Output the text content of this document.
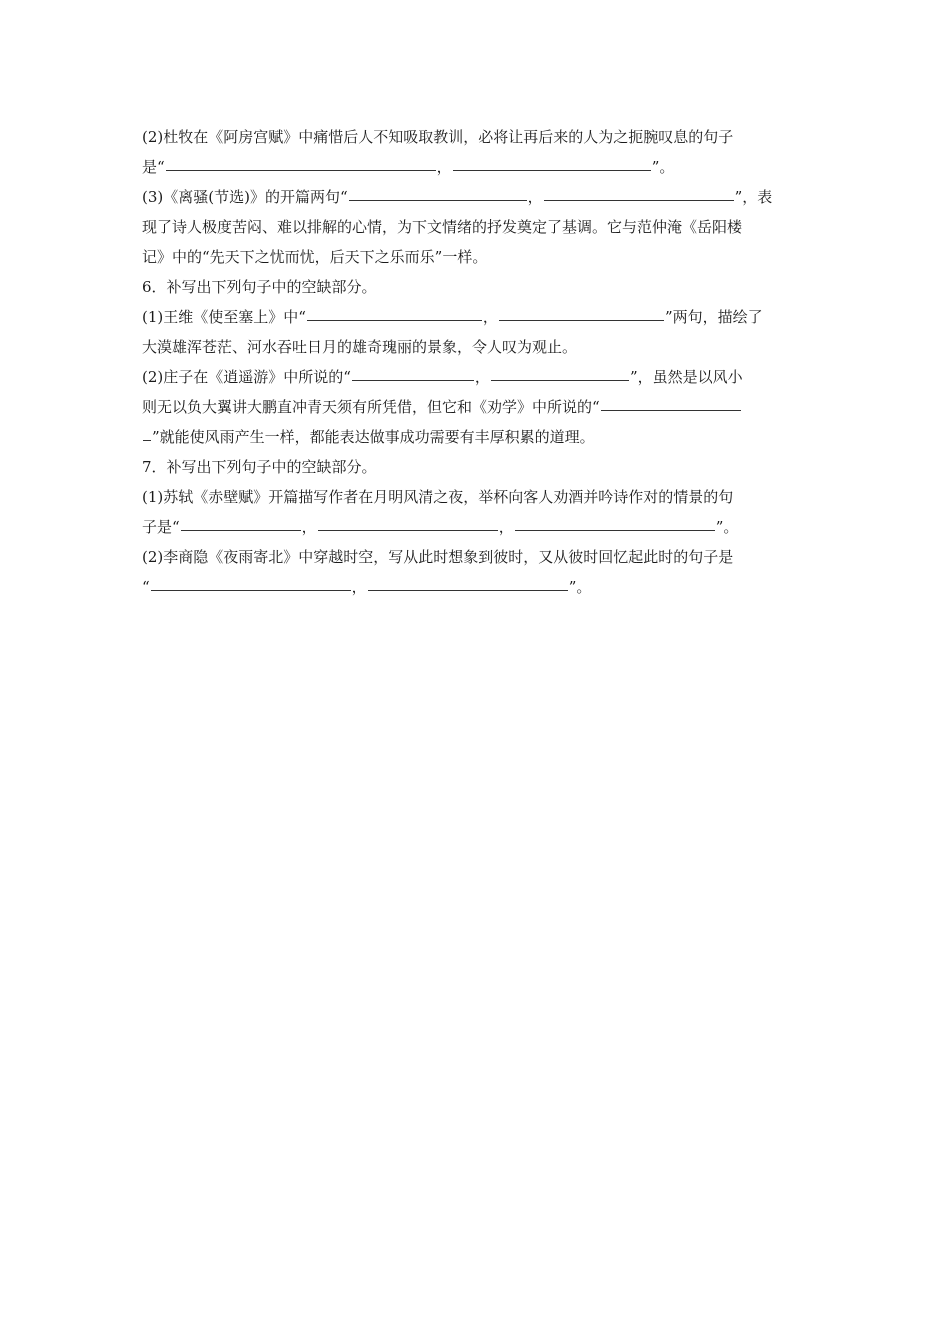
(2)杜牧在《阿房宫赋》中痛惜后人不知吸取教训，必将让再后来的人为之扼腕叹息的句子
是“	，	”。
(3)《离骚(节选)》的开篇两句“	，	”，表
现了诗人极度苦闷、难以排解的心情，为下文情绪的抒发奠定了基调。它与范仲淹《岳阳楼
记》中的“先天下之忧而忧，后天下之乐而乐”一样。
6．补写出下列句子中的空缺部分。
(1)王维《使至塞上》中“	，	”两句，描绘了
大漠雄浑苍茫、河水吞吐日月的雄奇瑰丽的景象，令人叹为观止。
(2)庄子在《逍遥游》中所说的“	，	”，虽然是以风小
则无以负大翼讲大鹏直冲青天须有所凭借，但它和《劝学》中所说的“
”就能使风雨产生一样，都能表达做事成功需要有丰厚积累的道理。
7．补写出下列句子中的空缺部分。
(1)苏轼《赤壁赋》开篇描写作者在月明风清之夜，举杯向客人劝酒并吟诗作对的情景的句
子是“	，	，	”。
(2)李商隐《夜雨寄北》中穿越时空，写从此时想象到彼时，又从彼时回忆起此时的句子是
“	，	”。
